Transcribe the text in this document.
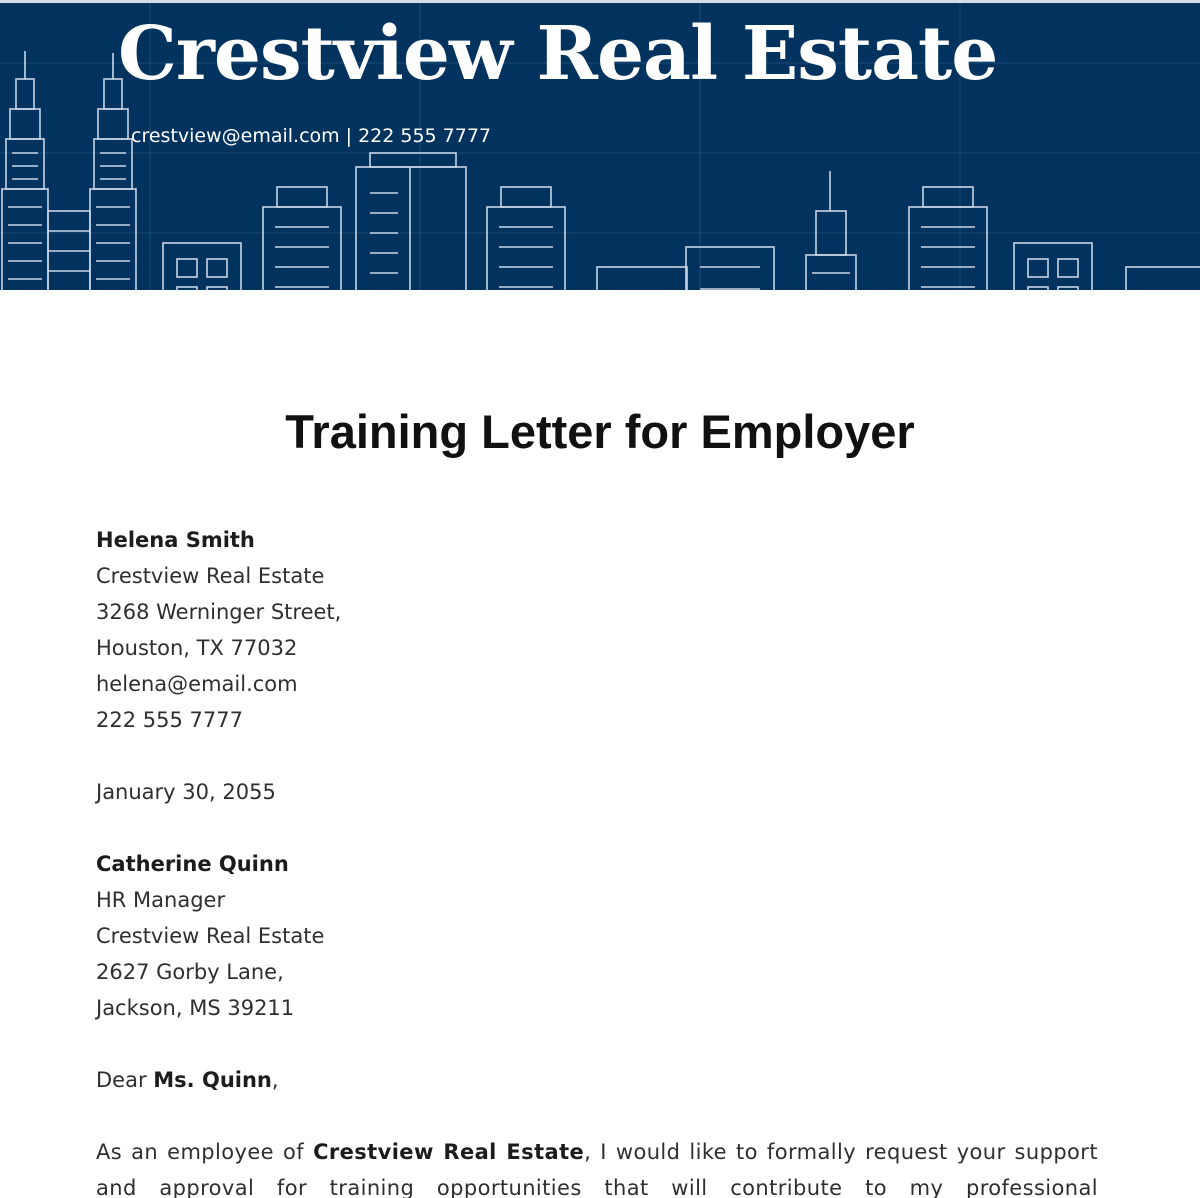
Crestview Real Estate
crestview@email.com | 222 555 7777
Training Letter for Employer
Helena Smith
Crestview Real Estate
3268 Werninger Street,
Houston, TX 77032
helena@email.com
222 555 7777
January 30, 2055
Catherine Quinn
HR Manager
Crestview Real Estate
2627 Gorby Lane,
Jackson, MS 39211
Dear Ms. Quinn,

As an employee of Crestview Real Estate, I would like to formally request your support and approval for training opportunities that will contribute to my professional
